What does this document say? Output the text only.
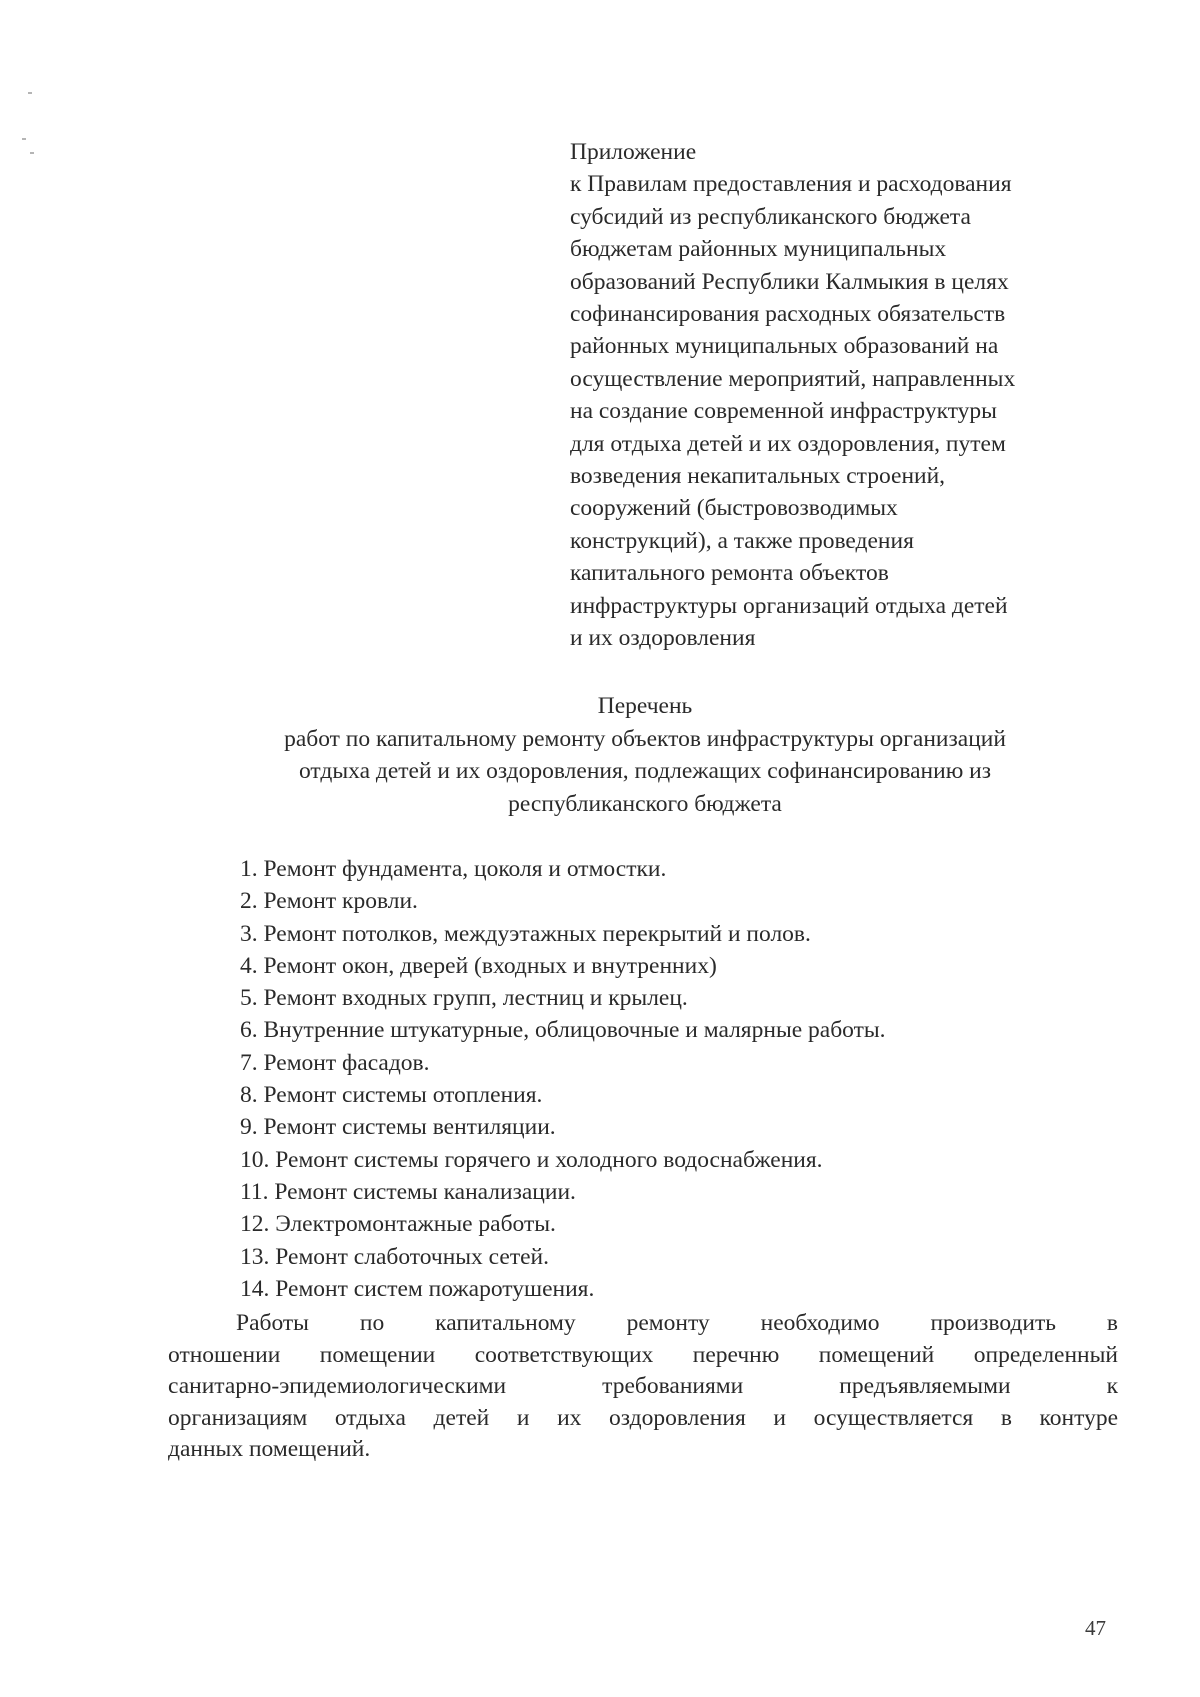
Приложение
к Правилам предоставления и расходования
субсидий из республиканского бюджета
бюджетам районных муниципальных
образований Республики Калмыкия в целях
софинансирования расходных обязательств
районных муниципальных образований на
осуществление мероприятий, направленных
на создание современной инфраструктуры
для отдыха детей и их оздоровления, путем
возведения некапитальных строений,
сооружений (быстровозводимых
конструкций), а также проведения
капитального ремонта объектов
инфраструктуры организаций отдыха детей
и их оздоровления
Перечень
работ по капитальному ремонту объектов инфраструктуры организаций
отдыха детей и их оздоровления, подлежащих софинансированию из
республиканского бюджета
1. Ремонт фундамента, цоколя и отмостки.
2. Ремонт кровли.
3. Ремонт потолков, междуэтажных перекрытий и полов.
4. Ремонт окон, дверей (входных и внутренних)
5. Ремонт входных групп, лестниц и крылец.
6. Внутренние штукатурные, облицовочные и малярные работы.
7. Ремонт фасадов.
8. Ремонт системы отопления.
9. Ремонт системы вентиляции.
10. Ремонт системы горячего и холодного водоснабжения.
11. Ремонт системы канализации.
12. Электромонтажные работы.
13. Ремонт слаботочных сетей.
14. Ремонт систем пожаротушения.
Работы по капитальному ремонту необходимо производить в
отношении помещении соответствующих перечню помещений определенный
санитарно-эпидемиологическими требованиями предъявляемыми к
организациям отдыха детей и их оздоровления и осуществляется в контуре
данных помещений.
47
